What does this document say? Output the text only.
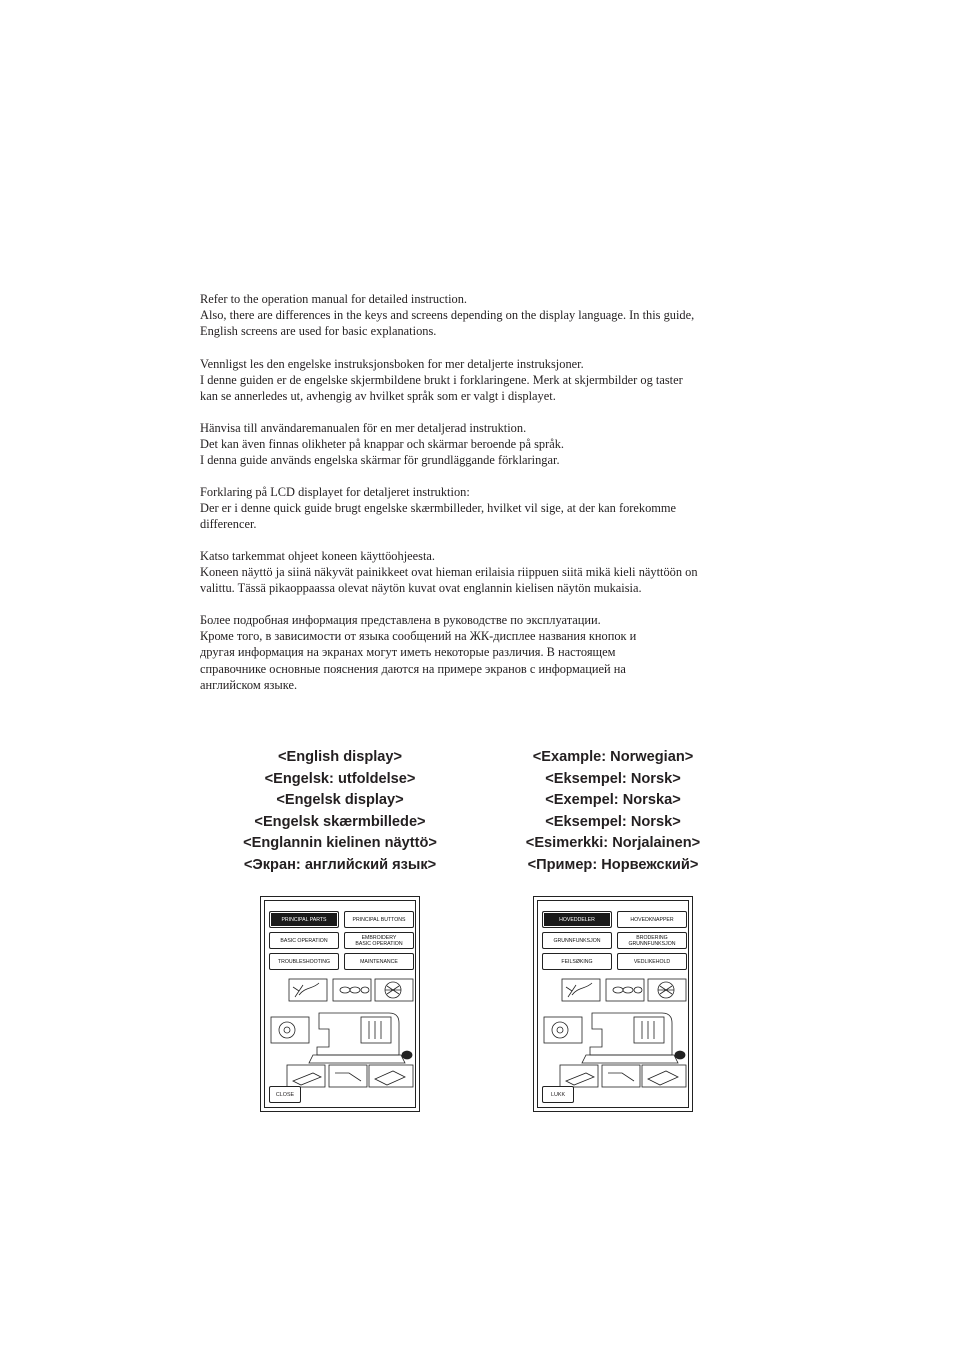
Refer to the operation manual for detailed instruction.
Also, there are differences in the keys and screens depending on the display language. In this guide,
English screens are used for basic explanations.
Vennligst les den engelske instruksjonsboken for mer detaljerte instruksjoner.
I denne guiden er de engelske skjermbildene brukt i forklaringene. Merk at skjermbilder og taster
kan se annerledes ut, avhengig av hvilket språk som er valgt i displayet.
Hänvisa till användaremanualen för en mer detaljerad instruktion.
Det kan även finnas olikheter på knappar och skärmar beroende på språk.
I denna guide används engelska skärmar för grundläggande förklaringar.
Forklaring på LCD displayet for detaljeret instruktion:
Der er i denne quick guide brugt engelske skærmbilleder, hvilket vil sige, at der kan forekomme
differencer.
Katso tarkemmat ohjeet koneen käyttöohjeesta.
Koneen näyttö ja siinä näkyvät painikkeet ovat hieman erilaisia riippuen siitä mikä kieli näyttöön on
valittu. Tässä pikaoppaassa olevat näytön kuvat ovat englannin kielisen näytön mukaisia.
Более подробная информация представлена в руководстве по эксплуатации.
Кроме того, в зависимости от языка сообщений на ЖК-дисплее названия кнопок и
другая информация на экранах могут иметь некоторые различия. В настоящем
справочнике основные пояснения даются на примере экранов с информацией на
английском языке.
<English display>
<Engelsk: utfoldelse>
<Engelsk display>
<Engelsk skærmbillede>
<Englannin kielinen näyttö>
<Экран: английский язык>
<Example: Norwegian>
<Eksempel: Norsk>
<Exempel: Norska>
<Eksempel: Norsk>
<Esimerkki: Norjalainen>
<Пример: Норвежский>
PRINCIPAL PARTS	PRINCIPAL BUTTONS
BASIC OPERATION	EMBROIDERY
BASIC OPERATION
TROUBLESHOOTING	MAINTENANCE
CLOSE
HOVEDDELER	HOVEDKNAPPER
GRUNNFUNKSJON	BRODERING
GRUNNFUNKSJON
FEILSØKING	VEDLIKEHOLD
LUKK
